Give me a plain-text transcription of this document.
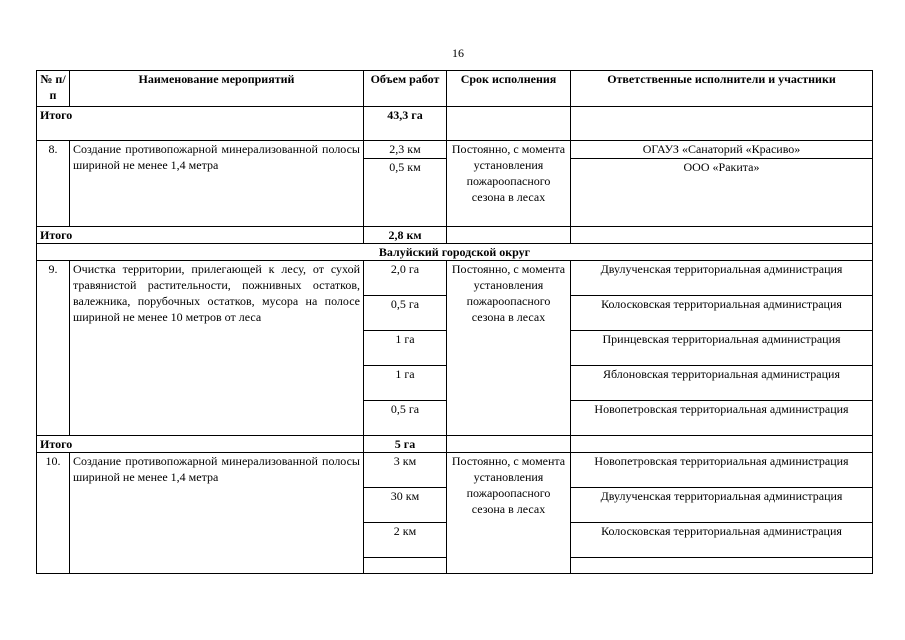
16
№ п/п	Наименование мероприятий	Объем работ	Срок исполнения	Ответственные исполнители и участники
Итого		43,3 га		
8.	Создание противопожарной минерализованной полосы шириной не менее 1,4 метра	2,3 км	Постоянно, с момента установления пожароопасного сезона в лесах	ОГАУЗ «Санаторий «Красиво»
		0,5 км		ООО «Ракита»
Итого		2,8 км		
Валуйский городской округ				
9.	Очистка территории, прилегающей к лесу, от сухой травянистой растительности, пожнивных остатков, валежника, порубочных остатков, мусора на полосе шириной не менее 10 метров от леса	2,0 га	Постоянно, с момента установления пожароопасного сезона в лесах	Двулученская территориальная администрация
		0,5 га		Колосковская территориальная администрация
		1 га		Принцевская территориальная администрация
		1 га		Яблоновская территориальная администрация
		0,5 га		Новопетровская территориальная администрация
Итого		5 га		
10.	Создание противопожарной минерализованной полосы шириной не менее 1,4 метра	3 км	Постоянно, с момента установления пожароопасного сезона в лесах	Новопетровская территориальная администрация
		30 км		Двулученская территориальная администрация
		2 км		Колосковская территориальная администрация
